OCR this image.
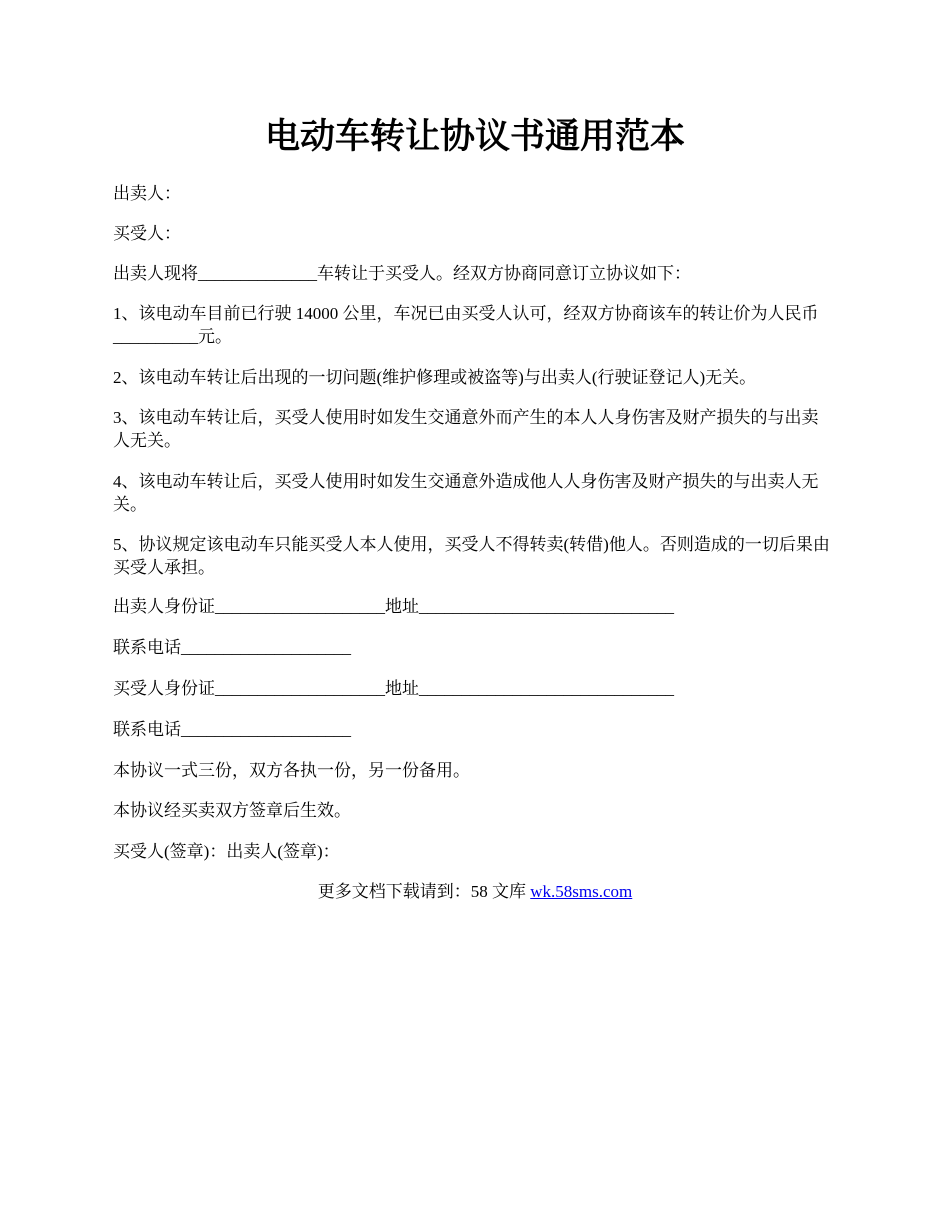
电动车转让协议书通用范本
出卖人：
买受人：
出卖人现将______________车转让于买受人。经双方协商同意订立协议如下：
1、该电动车目前已行驶 14000 公里，车况已由买受人认可，经双方协商该车的转让价为人民币__________元。
2、该电动车转让后出现的一切问题(维护修理或被盗等)与出卖人(行驶证登记人)无关。
3、该电动车转让后，买受人使用时如发生交通意外而产生的本人人身伤害及财产损失的与出卖人无关。
4、该电动车转让后，买受人使用时如发生交通意外造成他人人身伤害及财产损失的与出卖人无关。
5、协议规定该电动车只能买受人本人使用，买受人不得转卖(转借)他人。否则造成的一切后果由买受人承担。
出卖人身份证____________________地址______________________________
联系电话____________________
买受人身份证____________________地址______________________________
联系电话____________________
本协议一式三份，双方各执一份，另一份备用。
本协议经买卖双方签章后生效。
买受人(签章)：出卖人(签章)：
更多文档下载请到：58 文库 wk.58sms.com
